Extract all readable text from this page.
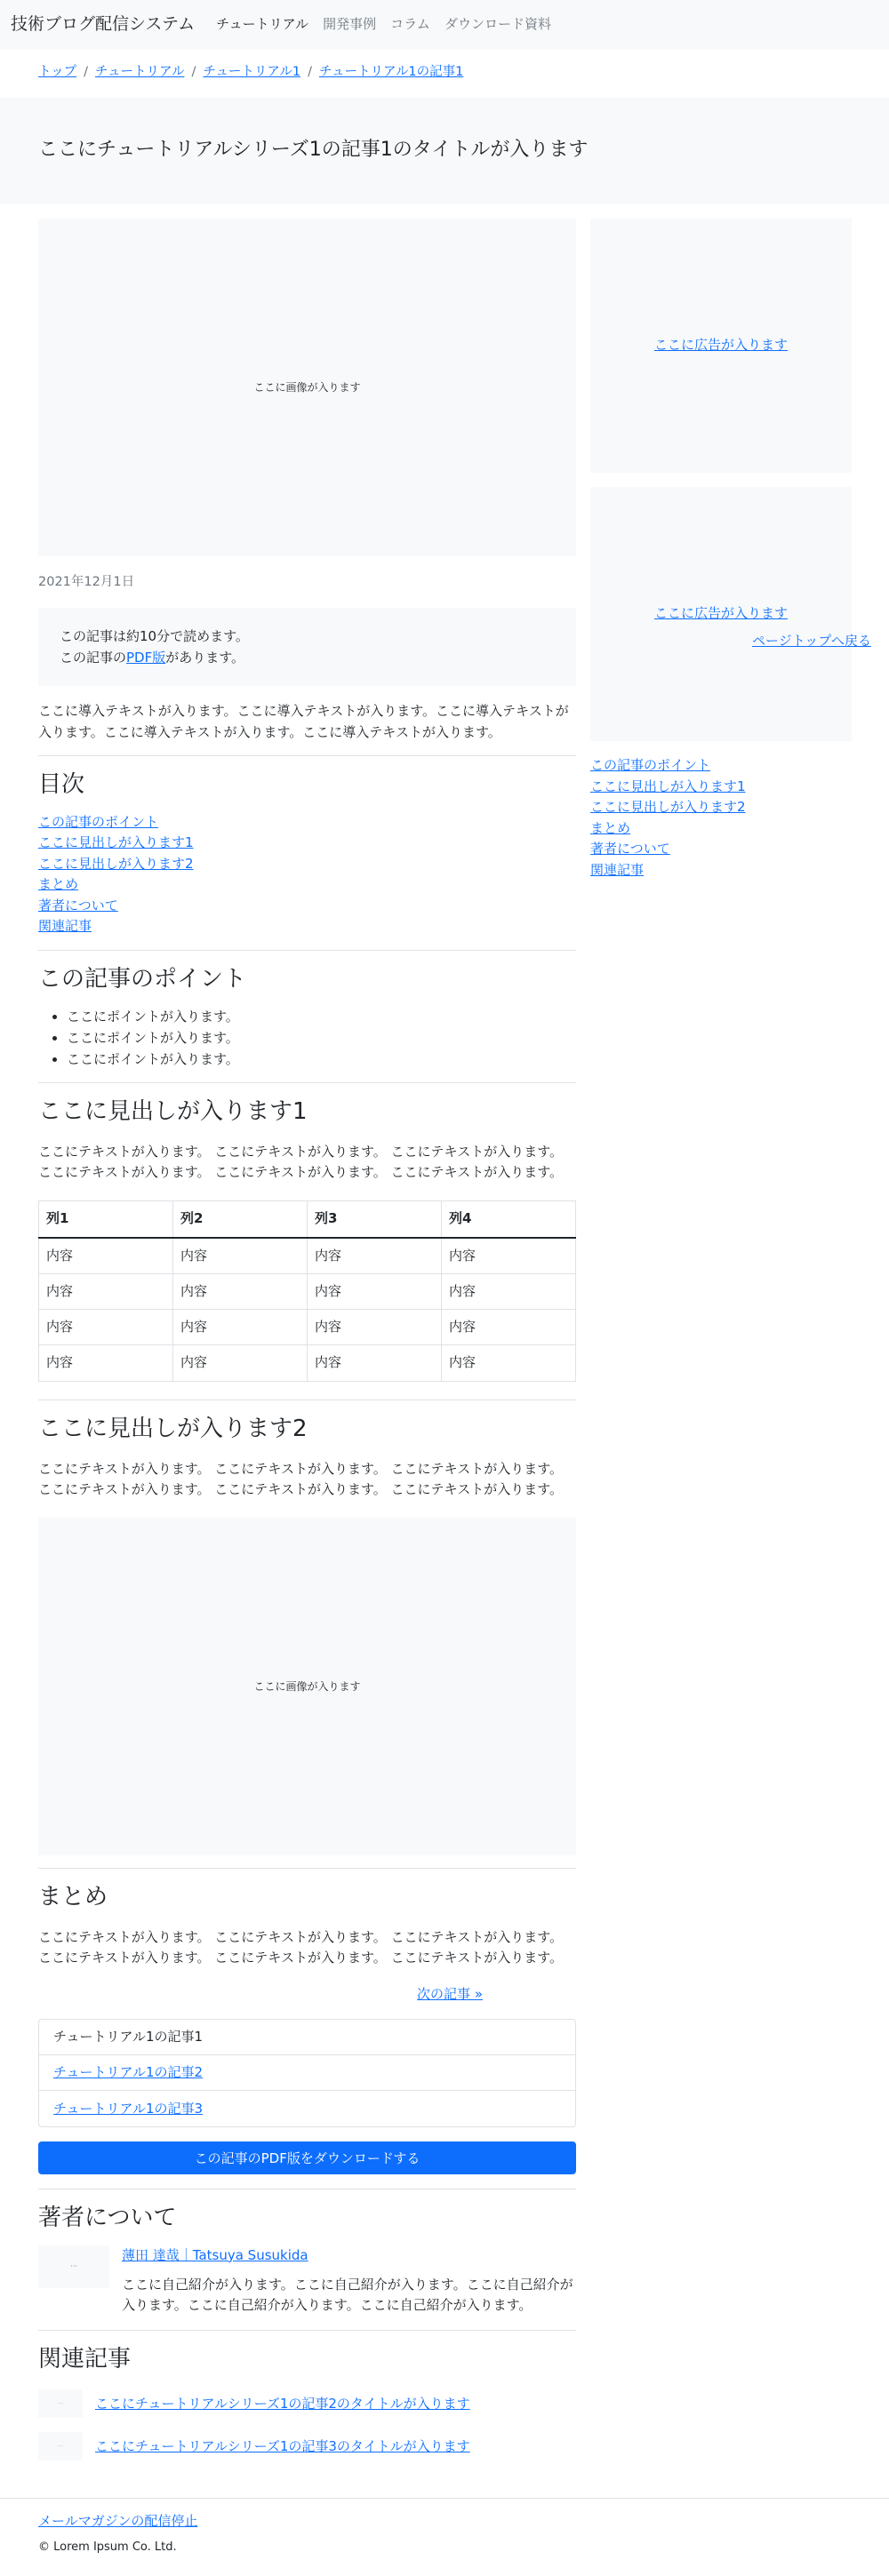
技術ブログ配信システム チュートリアル 開発事例 コラム ダウンロード資料
トップ / チュートリアル / チュートリアル1 / チュートリアル1の記事1
ここにチュートリアルシリーズ1の記事1のタイトルが入ります
ここに画像が入ります
2021年12月1日
この記事は約10分で読めます。
この記事のPDF版があります。

ここに導入テキストが入ります。ここに導入テキストが入ります。ここに導入テキストが入ります。ここに導入テキストが入ります。ここに導入テキストが入ります。

目次
この記事のポイント
ここに見出しが入ります1
ここに見出しが入ります2
まとめ
著者について
関連記事
この記事のポイント
• ここにポイントが入ります。
• ここにポイントが入ります。
• ここにポイントが入ります。
ここに見出しが入ります1

ここにテキストが入ります。 ここにテキストが入ります。 ここにテキストが入ります。 ここにテキストが入ります。 ここにテキストが入ります。 ここにテキストが入ります。

列1	列2	列3	列4
内容	内容	内容	内容
内容	内容	内容	内容
内容	内容	内容	内容
内容	内容	内容	内容
ここに見出しが入ります2

ここにテキストが入ります。 ここにテキストが入ります。 ここにテキストが入ります。 ここにテキストが入ります。 ここにテキストが入ります。 ここにテキストが入ります。

ここに画像が入ります
まとめ

ここにテキストが入ります。 ここにテキストが入ります。 ここにテキストが入ります。 ここにテキストが入ります。 ここにテキストが入ります。 ここにテキストが入ります。

次の記事 »
チュートリアル1の記事1
チュートリアル1の記事2
チュートリアル1の記事3
この記事のPDF版をダウンロードする
著者について
···
薄田 達哉｜Tatsuya Susukida

ここに自己紹介が入ります。ここに自己紹介が入ります。ここに自己紹介が入ります。ここに自己紹介が入ります。ここに自己紹介が入ります。

関連記事
···	ここにチュートリアルシリーズ1の記事2のタイトルが入ります
···	ここにチュートリアルシリーズ1の記事3のタイトルが入ります
ここに広告が入ります
ここに広告が入ります
この記事のポイント
ここに見出しが入ります1
ここに見出しが入ります2
まとめ
著者について
関連記事
ページトップへ戻る
メールマガジンの配信停止
© Lorem Ipsum Co. Ltd.
